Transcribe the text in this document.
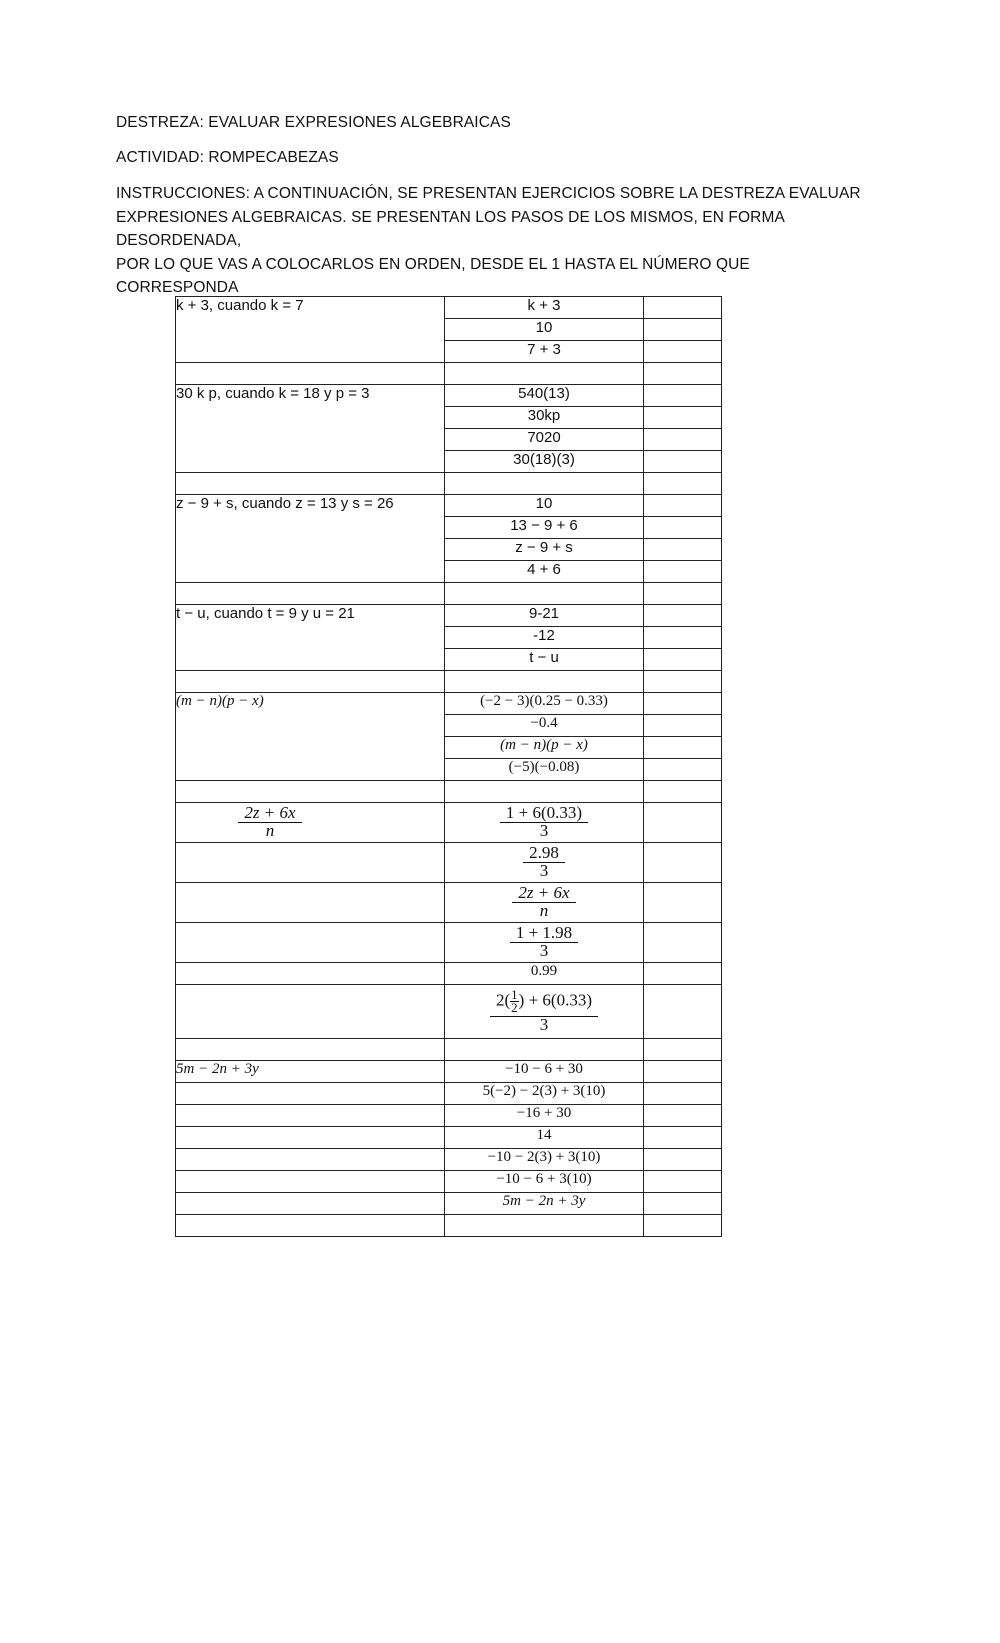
DESTREZA: EVALUAR EXPRESIONES ALGEBRAICAS
ACTIVIDAD: ROMPECABEZAS
INSTRUCCIONES: A CONTINUACIÓN, SE PRESENTAN EJERCICIOS SOBRE LA DESTREZA EVALUAR
EXPRESIONES ALGEBRAICAS. SE PRESENTAN LOS PASOS DE LOS MISMOS, EN FORMA DESORDENADA,
POR LO QUE VAS A COLOCARLOS EN ORDEN, DESDE EL 1 HASTA EL NÚMERO QUE CORRESPONDA
k + 3, cuando k = 7	k + 3	
	10	
	7 + 3	

30 k p, cuando k = 18 y p = 3	540(13)	
	30kp	
	7020	
	30(18)(3)	

z − 9 + s, cuando z = 13 y s = 26	10	
	13 − 9 + 6	
	z − 9 + s	
	4 + 6	

t − u, cuando t = 9 y u = 21	9-21	
	-12	
	t − u	

(m − n)(p − x)	(−2 − 3)(0.25 − 0.33)	
	−0.4	
	(m − n)(p − x)	
	(−5)(−0.08)	

$\frac{2z + 6x}{n}$	$\frac{1 + 6(0.33)}{3}$

	$\frac{2.98}{3}$

	$\frac{2z + 6x}{n}$

	$\frac{1 + 1.98}{3}$

	0.99	

	$\frac{2( \frac{1}{2} ) + 6(0.33)}{3}$

5m − 2n + 3y	−10 − 6 + 30	
	5(−2) − 2(3) + 3(10)	
	−16 + 30	
	14	
	−10 − 2(3) + 3(10)	
	−10 − 6 + 3(10)	
	5m − 2n + 3y	
